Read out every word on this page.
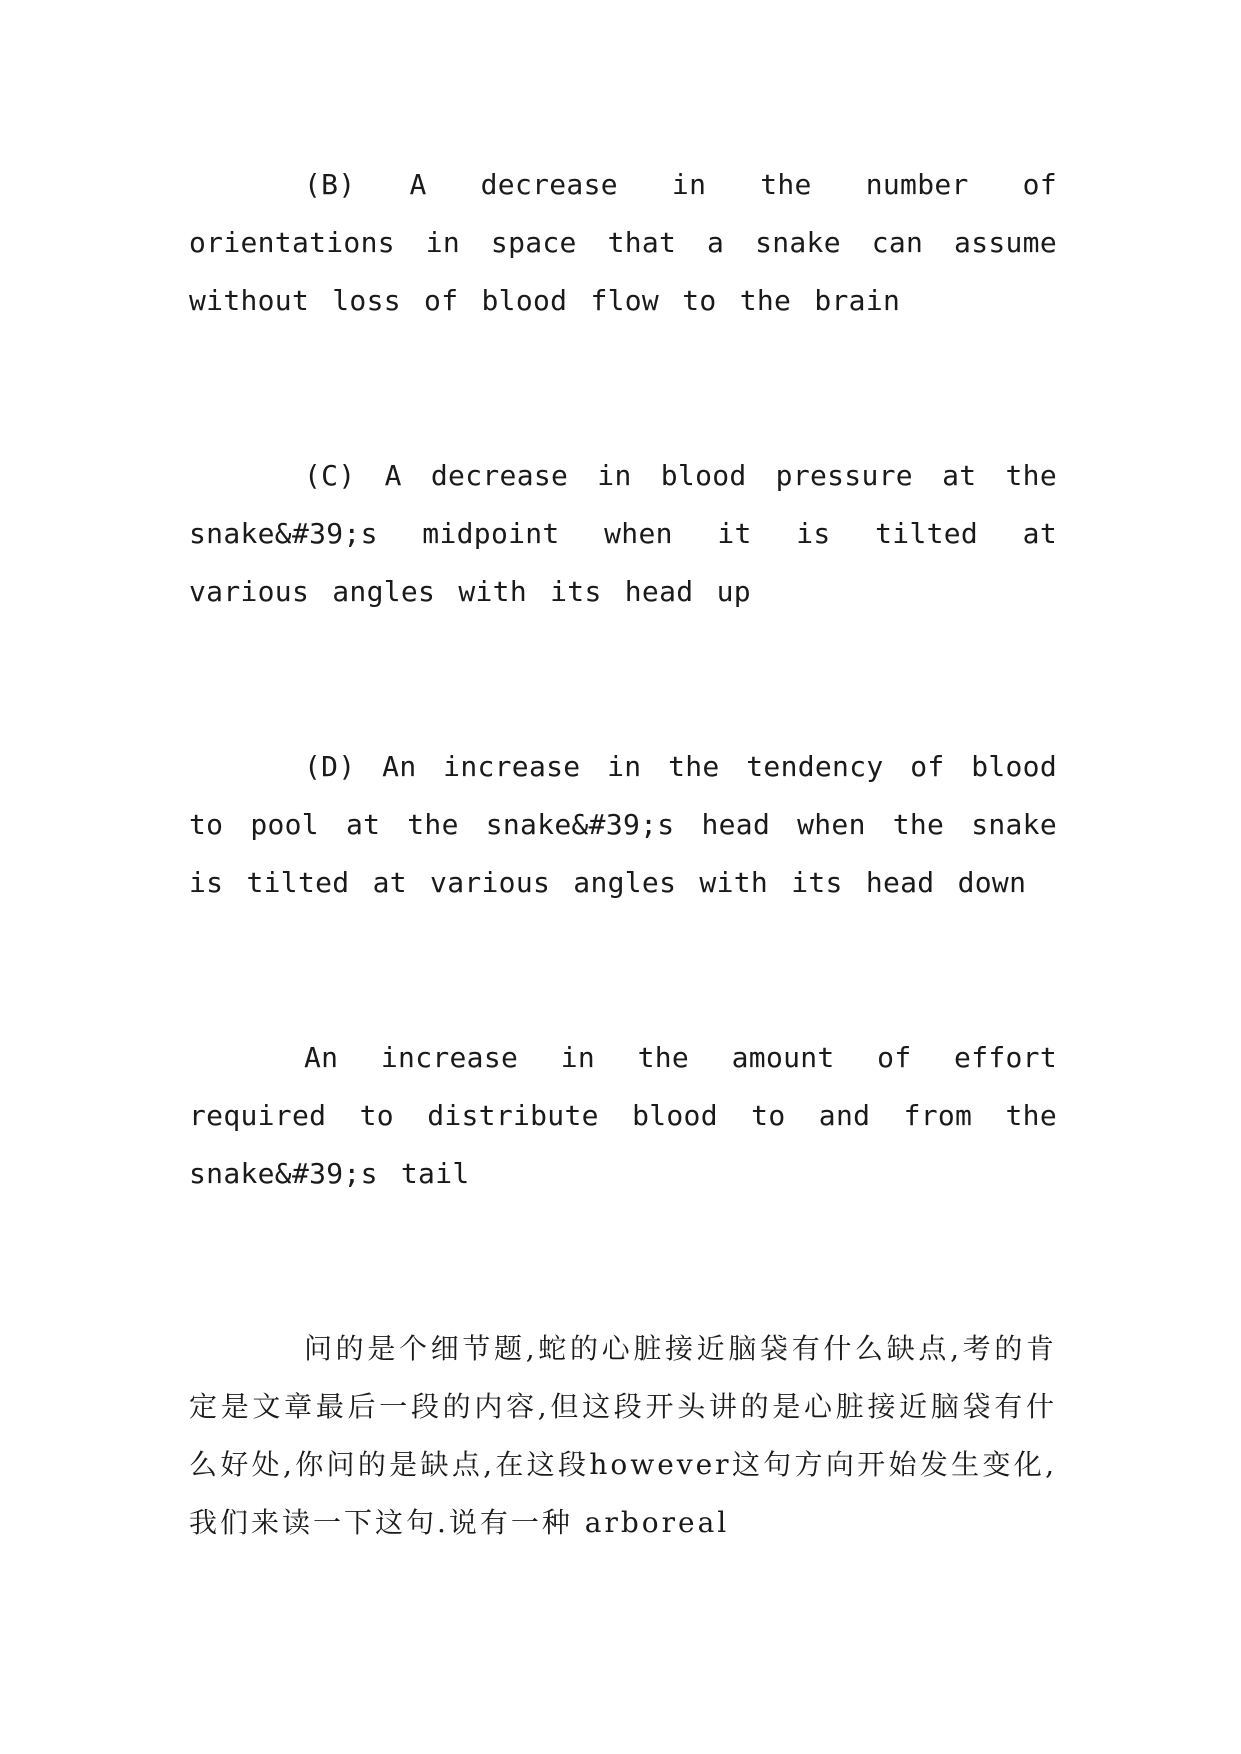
(B) A decrease in the number of orientations in space that a snake can assume without loss of blood flow to the brain

(C) A decrease in blood pressure at the snake&#39;s midpoint when it is tilted at various angles with its head up

(D) An increase in the tendency of blood to pool at the snake&#39;s head when the snake is tilted at various angles with its head down

An increase in the amount of effort required to distribute blood to and from the snake&#39;s tail

问的是个细节题,蛇的心脏接近脑袋有什么缺点,考的肯定是文章最后一段的内容,但这段开头讲的是心脏接近脑袋有什么好处,你问的是缺点,在这段however这句方向开始发生变化,我们来读一下这句.说有一种 arboreal
